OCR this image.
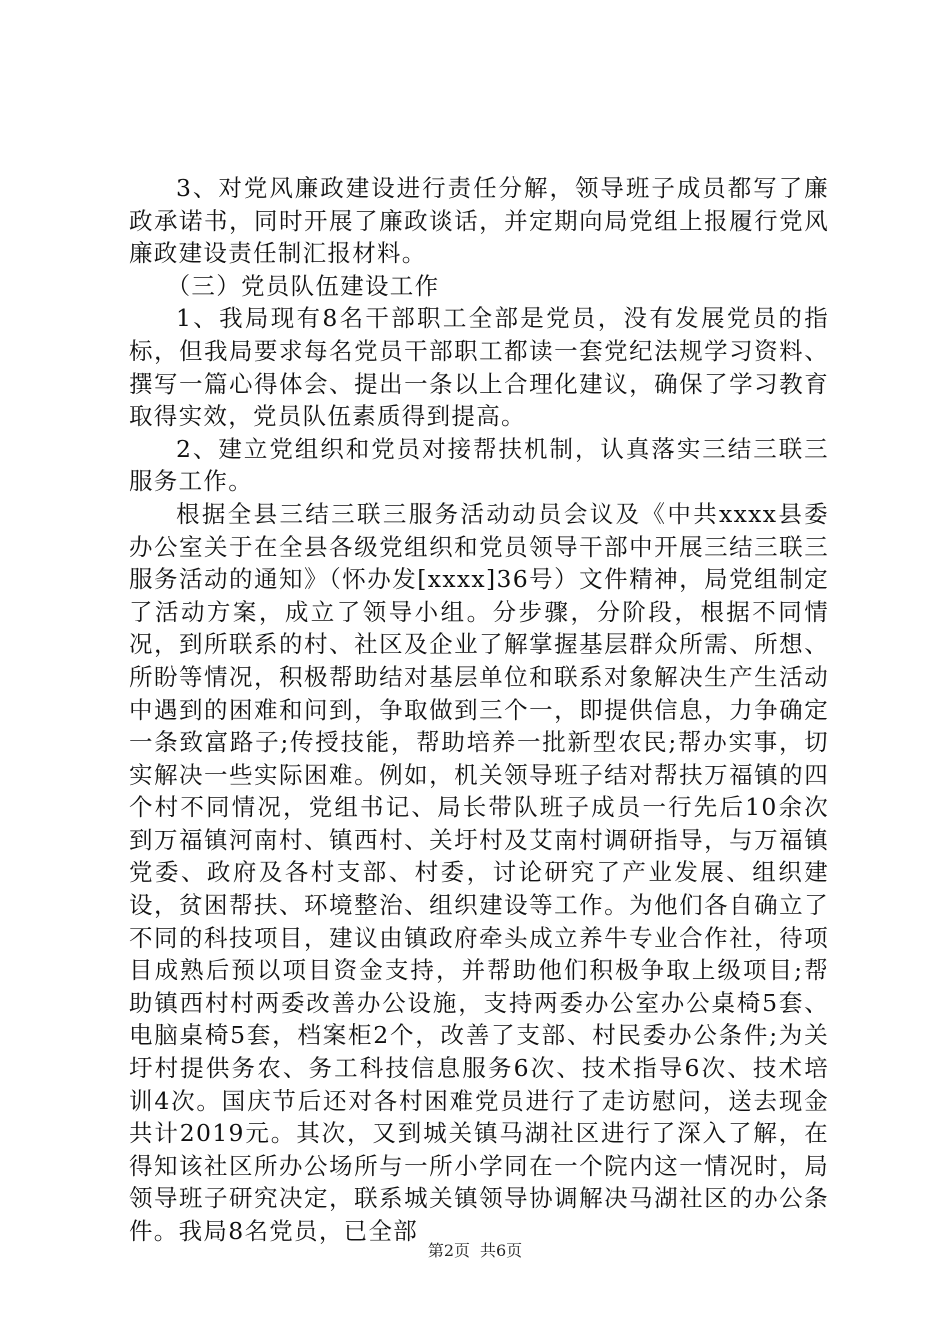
3、对党风廉政建设进行责任分解，领导班子成员都写了廉政承诺书，同时开展了廉政谈话，并定期向局党组上报履行党风廉政建设责任制汇报材料。

（三）党员队伍建设工作

1、我局现有8名干部职工全部是党员，没有发展党员的指标，但我局要求每名党员干部职工都读一套党纪法规学习资料、撰写一篇心得体会、提出一条以上合理化建议，确保了学习教育取得实效，党员队伍素质得到提高。

2、建立党组织和党员对接帮扶机制，认真落实三结三联三服务工作。

根据全县三结三联三服务活动动员会议及《中共xxxx县委办公室关于在全县各级党组织和党员领导干部中开展三结三联三服务活动的通知》（怀办发[xxxx]36号）文件精神，局党组制定了活动方案，成立了领导小组。分步骤，分阶段，根据不同情况，到所联系的村、社区及企业了解掌握基层群众所需、所想、所盼等情况，积极帮助结对基层单位和联系对象解决生产生活动中遇到的困难和问到，争取做到三个一，即提供信息，力争确定一条致富路子;传授技能，帮助培养一批新型农民;帮办实事，切实解决一些实际困难。例如，机关领导班子结对帮扶万福镇的四个村不同情况，党组书记、局长带队班子成员一行先后10余次到万福镇河南村、镇西村、关圩村及艾南村调研指导，与万福镇党委、政府及各村支部、村委，讨论研究了产业发展、组织建设，贫困帮扶、环境整治、组织建设等工作。为他们各自确立了不同的科技项目，建议由镇政府牵头成立养牛专业合作社，待项目成熟后预以项目资金支持，并帮助他们积极争取上级项目;帮助镇西村村两委改善办公设施，支持两委办公室办公桌椅5套、电脑桌椅5套，档案柜2个，改善了支部、村民委办公条件;为关圩村提供务农、务工科技信息服务6次、技术指导6次、技术培训4次。国庆节后还对各村困难党员进行了走访慰问，送去现金共计2019元。其次，又到城关镇马湖社区进行了深入了解，在得知该社区所办公场所与一所小学同在一个院内这一情况时，局领导班子研究决定，联系城关镇领导协调解决马湖社区的办公条件。我局8名党员，已全部

第2页 共6页
